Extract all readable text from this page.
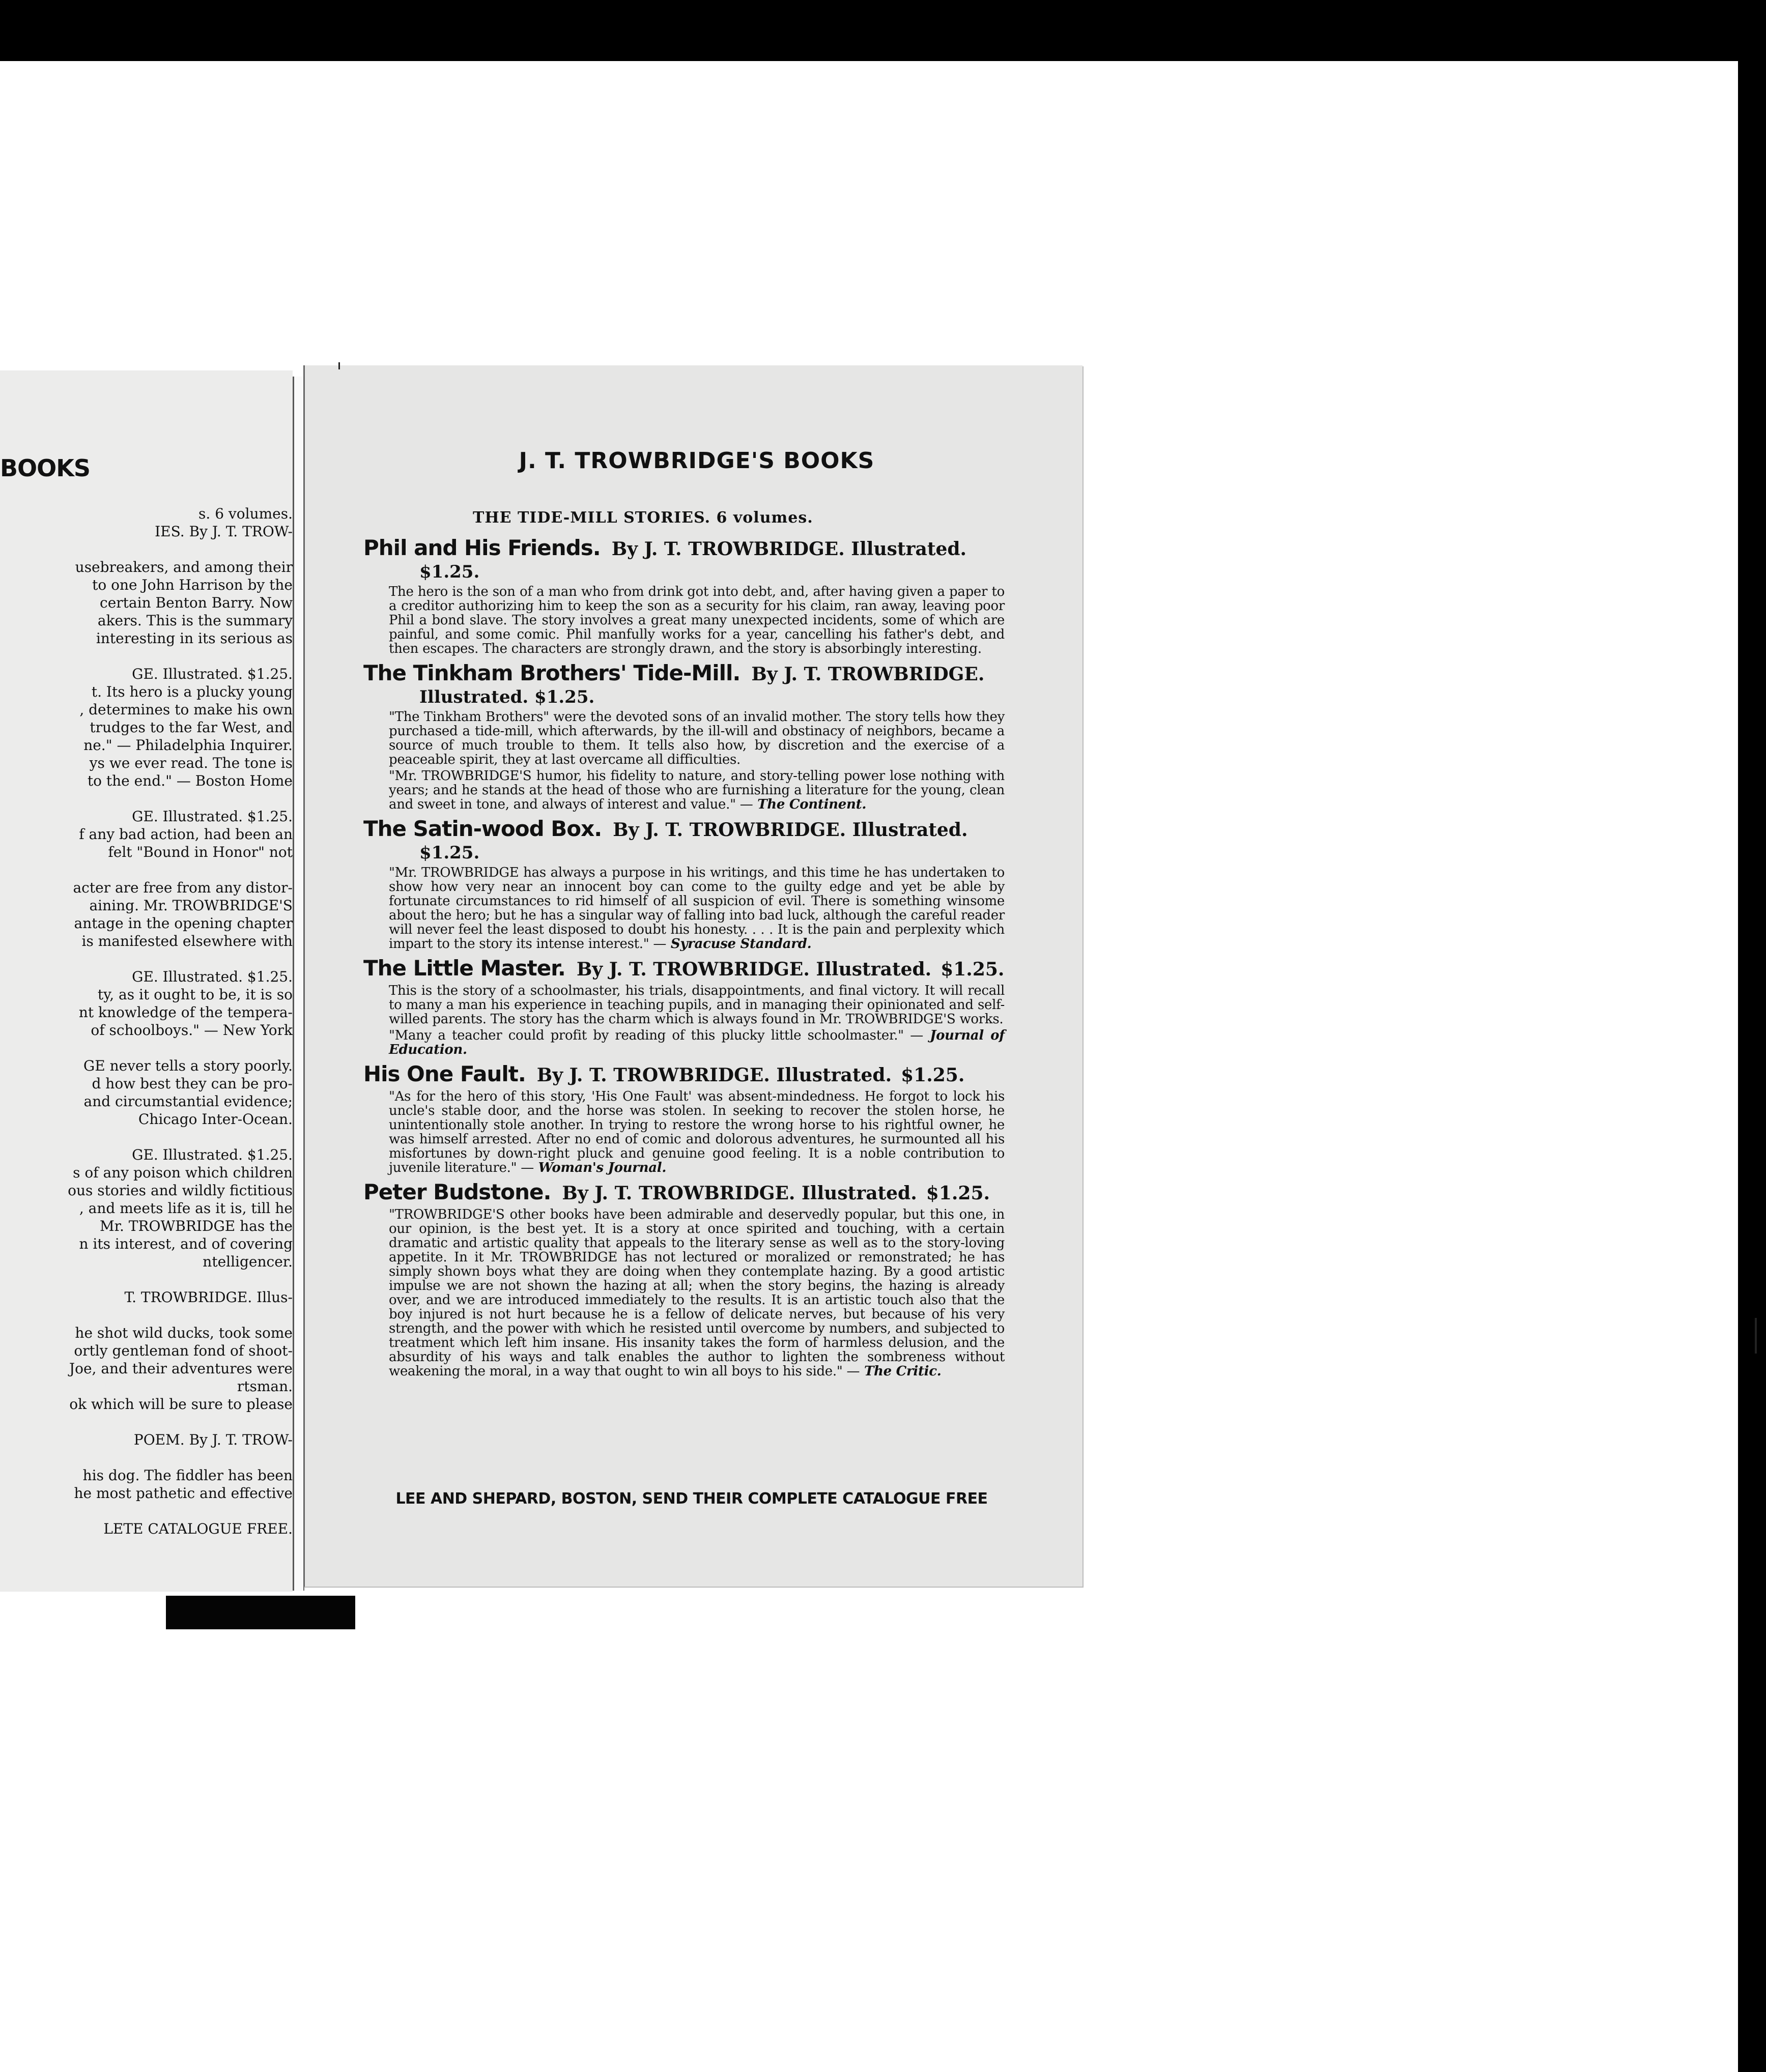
BOOKS
s. 6 volumes.
IES. By J. T. TROW-
usebreakers, and among their
to one John Harrison by the
certain Benton Barry. Now
akers. This is the summary
interesting in its serious as
GE. Illustrated. $1.25.
t. Its hero is a plucky young
, determines to make his own
trudges to the far West, and
ne." — Philadelphia Inquirer.
ys we ever read. The tone is
to the end." — Boston Home
GE. Illustrated. $1.25.
f any bad action, had been an
felt "Bound in Honor" not
acter are free from any distor-
aining. Mr. TROWBRIDGE'S
antage in the opening chapter
is manifested elsewhere with
GE. Illustrated. $1.25.
ty, as it ought to be, it is so
nt knowledge of the tempera-
of schoolboys." — New York
GE never tells a story poorly.
d how best they can be pro-
and circumstantial evidence;
Chicago Inter-Ocean.
GE. Illustrated. $1.25.
s of any poison which children
ous stories and wildly fictitious
, and meets life as it is, till he
Mr. TROWBRIDGE has the
n its interest, and of covering
ntelligencer.
T. TROWBRIDGE. Illus-
he shot wild ducks, took some
ortly gentleman fond of shoot-
Joe, and their adventures were
rtsman.
ok which will be sure to please
POEM. By J. T. TROW-
his dog. The fiddler has been
he most pathetic and effective
LETE CATALOGUE FREE.
J. T. TROWBRIDGE'S BOOKS
THE TIDE-MILL STORIES. 6 volumes.
Phil and His Friends. By J. T. TROWBRIDGE. Illustrated.
$1.25.
The hero is the son of a man who from drink got into debt, and, after having given a paper to a creditor authorizing him to keep the son as a security for his claim, ran away, leaving poor Phil a bond slave. The story involves a great many unexpected incidents, some of which are painful, and some comic. Phil manfully works for a year, cancelling his father's debt, and then escapes. The characters are strongly drawn, and the story is absorbingly interesting.
The Tinkham Brothers' Tide-Mill. By J. T. TROWBRIDGE.
Illustrated. $1.25.
"The Tinkham Brothers" were the devoted sons of an invalid mother. The story tells how they purchased a tide-mill, which afterwards, by the ill-will and obstinacy of neighbors, became a source of much trouble to them. It tells also how, by discretion and the exercise of a peaceable spirit, they at last overcame all difficulties.
"Mr. TROWBRIDGE'S humor, his fidelity to nature, and story-telling power lose nothing with years; and he stands at the head of those who are furnishing a literature for the young, clean and sweet in tone, and always of interest and value." — The Continent.
The Satin-wood Box. By J. T. TROWBRIDGE. Illustrated.
$1.25.
"Mr. TROWBRIDGE has always a purpose in his writings, and this time he has undertaken to show how very near an innocent boy can come to the guilty edge and yet be able by fortunate circumstances to rid himself of all suspicion of evil. There is something winsome about the hero; but he has a singular way of falling into bad luck, although the careful reader will never feel the least disposed to doubt his honesty. . . . It is the pain and perplexity which impart to the story its intense interest." — Syracuse Standard.
The Little Master. By J. T. TROWBRIDGE. Illustrated. $1.25.
This is the story of a schoolmaster, his trials, disappointments, and final victory. It will recall to many a man his experience in teaching pupils, and in managing their opinionated and self-willed parents. The story has the charm which is always found in Mr. TROWBRIDGE'S works.
"Many a teacher could profit by reading of this plucky little schoolmaster." — Journal of Education.
His One Fault. By J. T. TROWBRIDGE. Illustrated. $1.25.
"As for the hero of this story, 'His One Fault' was absent-mindedness. He forgot to lock his uncle's stable door, and the horse was stolen. In seeking to recover the stolen horse, he unintentionally stole another. In trying to restore the wrong horse to his rightful owner, he was himself arrested. After no end of comic and dolorous adventures, he surmounted all his misfortunes by down-right pluck and genuine good feeling. It is a noble contribution to juvenile literature." — Woman's Journal.
Peter Budstone. By J. T. TROWBRIDGE. Illustrated. $1.25.
"TROWBRIDGE'S other books have been admirable and deservedly popular, but this one, in our opinion, is the best yet. It is a story at once spirited and touching, with a certain dramatic and artistic quality that appeals to the literary sense as well as to the story-loving appetite. In it Mr. TROWBRIDGE has not lectured or moralized or remonstrated; he has simply shown boys what they are doing when they contemplate hazing. By a good artistic impulse we are not shown the hazing at all; when the story begins, the hazing is already over, and we are introduced immediately to the results. It is an artistic touch also that the boy injured is not hurt because he is a fellow of delicate nerves, but because of his very strength, and the power with which he resisted until overcome by numbers, and subjected to treatment which left him insane. His insanity takes the form of harmless delusion, and the absurdity of his ways and talk enables the author to lighten the sombreness without weakening the moral, in a way that ought to win all boys to his side." — The Critic.
LEE AND SHEPARD, BOSTON, SEND THEIR COMPLETE CATALOGUE FREE
